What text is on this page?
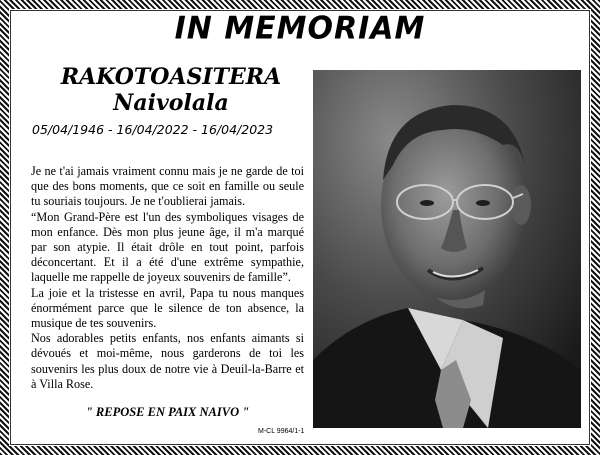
IN MEMORIAM
RAKOTOASITERA
Naivolala
05/04/1946 - 16/04/2022 - 16/04/2023

Je ne t'ai jamais vraiment connu mais je ne garde de toi que des bons moments, que ce soit en famille ou seule tu souriais toujours. Je ne t'oublierai jamais.

“Mon Grand-Père est l'un des symboliques visages de mon enfance. Dès mon plus jeune âge, il m'a marqué par son atypie. Il était drôle en tout point, parfois déconcertant. Et il a été d'une extrême sympathie, laquelle me rappelle de joyeux souvenirs de famille”.

La joie et la tristesse en avril, Papa tu nous manques énormément parce que le silence de ton absence, la musique de tes souvenirs.

Nos adorables petits enfants, nos enfants aimants si dévoués et moi-même, nous garderons de toi les souvenirs les plus doux de notre vie à Deuil-la-Barre et à Villa Rose.

" REPOSE EN PAIX NAIVO "
M-CL 9964/1-1
